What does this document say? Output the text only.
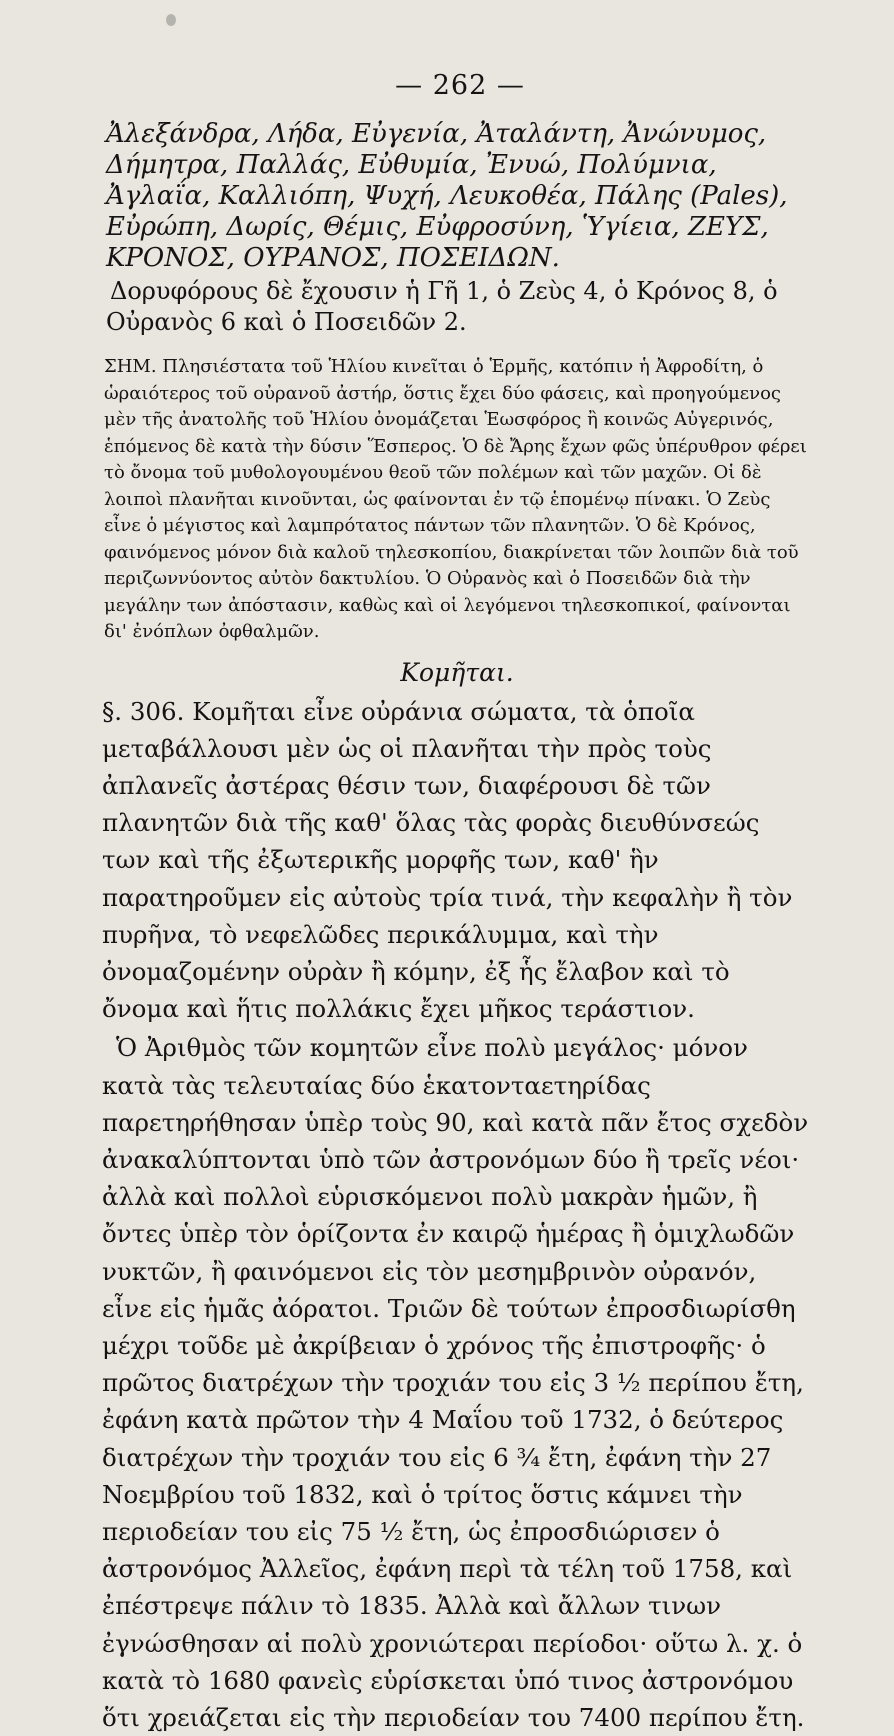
— 262 —

Ἀλεξάνδρα, Λήδα, Εὐγενία, Ἀταλάντη, Ἀνώνυμος, Δήμητρα, Παλλάς, Εὐθυμία, Ἐνυώ, Πολύμνια, Ἀγλαΐα, Καλλιόπη, Ψυχή, Λευκοθέα, Πάλης (Pales), Εὐρώπη, Δωρίς, Θέμις, Εὐφροσύνη, Ὑγίεια, ΖΕΥΣ, ΚΡΟΝΟΣ, ΟΥΡΑΝΟΣ, ΠΟΣΕΙΔΩΝ.

Δορυφόρους δὲ ἔχουσιν ἡ Γῆ 1, ὁ Ζεὺς 4, ὁ Κρόνος 8, ὁ Οὐρανὸς 6 καὶ ὁ Ποσειδῶν 2.

ΣΗΜ. Πλησιέστατα τοῦ Ἡλίου κινεῖται ὁ Ἑρμῆς, κατόπιν ἡ Ἀφροδίτη, ὁ ὡραιότερος τοῦ οὐρανοῦ ἀστήρ, ὅστις ἔχει δύο φάσεις, καὶ προηγούμενος μὲν τῆς ἀνατολῆς τοῦ Ἡλίου ὀνομάζεται Ἑωσφόρος ἢ κοινῶς Αὐγερινός, ἑπόμενος δὲ κατὰ τὴν δύσιν Ἕσπερος. Ὁ δὲ Ἄρης ἔχων φῶς ὑπέρυθρον φέρει τὸ ὄνομα τοῦ μυθολογουμένου θεοῦ τῶν πολέμων καὶ τῶν μαχῶν. Οἱ δὲ λοιποὶ πλανῆται κινοῦνται, ὡς φαίνονται ἐν τῷ ἑπομένῳ πίνακι. Ὁ Ζεὺς εἶνε ὁ μέγιστος καὶ λαμπρότατος πάντων τῶν πλανητῶν. Ὁ δὲ Κρόνος, φαινόμενος μόνον διὰ καλοῦ τηλεσκοπίου, διακρίνεται τῶν λοιπῶν διὰ τοῦ περιζωννύοντος αὐτὸν δακτυλίου. Ὁ Οὐρανὸς καὶ ὁ Ποσειδῶν διὰ τὴν μεγάλην των ἀπόστασιν, καθὼς καὶ οἱ λεγόμενοι τηλεσκοπικοί, φαίνονται δι' ἐνόπλων ὀφθαλμῶν.

Κομῆται.

§. 306. Κομῆται εἶνε οὐράνια σώματα, τὰ ὁποῖα μεταβάλλουσι μὲν ὡς οἱ πλανῆται τὴν πρὸς τοὺς ἀπλανεῖς ἀστέρας θέσιν των, διαφέρουσι δὲ τῶν πλανητῶν διὰ τῆς καθ' ὅλας τὰς φορὰς διευθύνσεώς των καὶ τῆς ἐξωτερικῆς μορφῆς των, καθ' ἣν παρατηροῦμεν εἰς αὐτοὺς τρία τινά, τὴν κεφαλὴν ἢ τὸν πυρῆνα, τὸ νεφελῶδες περικάλυμμα, καὶ τὴν ὀνομαζομένην οὐρὰν ἢ κόμην, ἐξ ἧς ἔλαβον καὶ τὸ ὄνομα καὶ ἥτις πολλάκις ἔχει μῆκος τεράστιον.

Ὁ Ἀριθμὸς τῶν κομητῶν εἶνε πολὺ μεγάλος· μόνον κατὰ τὰς τελευταίας δύο ἑκατονταετηρίδας παρετηρήθησαν ὑπὲρ τοὺς 90, καὶ κατὰ πᾶν ἔτος σχεδὸν ἀνακαλύπτονται ὑπὸ τῶν ἀστρονόμων δύο ἢ τρεῖς νέοι· ἀλλὰ καὶ πολλοὶ εὑρισκόμενοι πολὺ μακρὰν ἡμῶν, ἢ ὄντες ὑπὲρ τὸν ὁρίζοντα ἐν καιρῷ ἡμέρας ἢ ὁμιχλωδῶν νυκτῶν, ἢ φαινόμενοι εἰς τὸν μεσημβρινὸν οὐρανόν, εἶνε εἰς ἡμᾶς ἀόρατοι. Τριῶν δὲ τούτων ἐπροσδιωρίσθη μέχρι τοῦδε μὲ ἀκρίβειαν ὁ χρόνος τῆς ἐπιστροφῆς· ὁ πρῶτος διατρέχων τὴν τροχιάν του εἰς 3 ½ περίπου ἔτη, ἐφάνη κατὰ πρῶτον τὴν 4 Μαΐου τοῦ 1732, ὁ δεύτερος διατρέχων τὴν τροχιάν του εἰς 6 ¾ ἔτη, ἐφάνη τὴν 27 Νοεμβρίου τοῦ 1832, καὶ ὁ τρίτος ὅστις κάμνει τὴν περιοδείαν του εἰς 75 ½ ἔτη, ὡς ἐπροσδιώρισεν ὁ ἀστρονόμος Ἀλλεῖος, ἐφάνη περὶ τὰ τέλη τοῦ 1758, καὶ ἐπέστρεψε πάλιν τὸ 1835. Ἀλλὰ καὶ ἄλλων τινων ἐγνώσθησαν αἱ πολὺ χρονιώτεραι περίοδοι· οὕτω λ. χ. ὁ κατὰ τὸ 1680 φανεὶς εὑρίσκεται ὑπό τινος ἀστρονόμου ὅτι χρειάζεται εἰς τὴν περιοδείαν του 7400 περίπου ἔτη.
